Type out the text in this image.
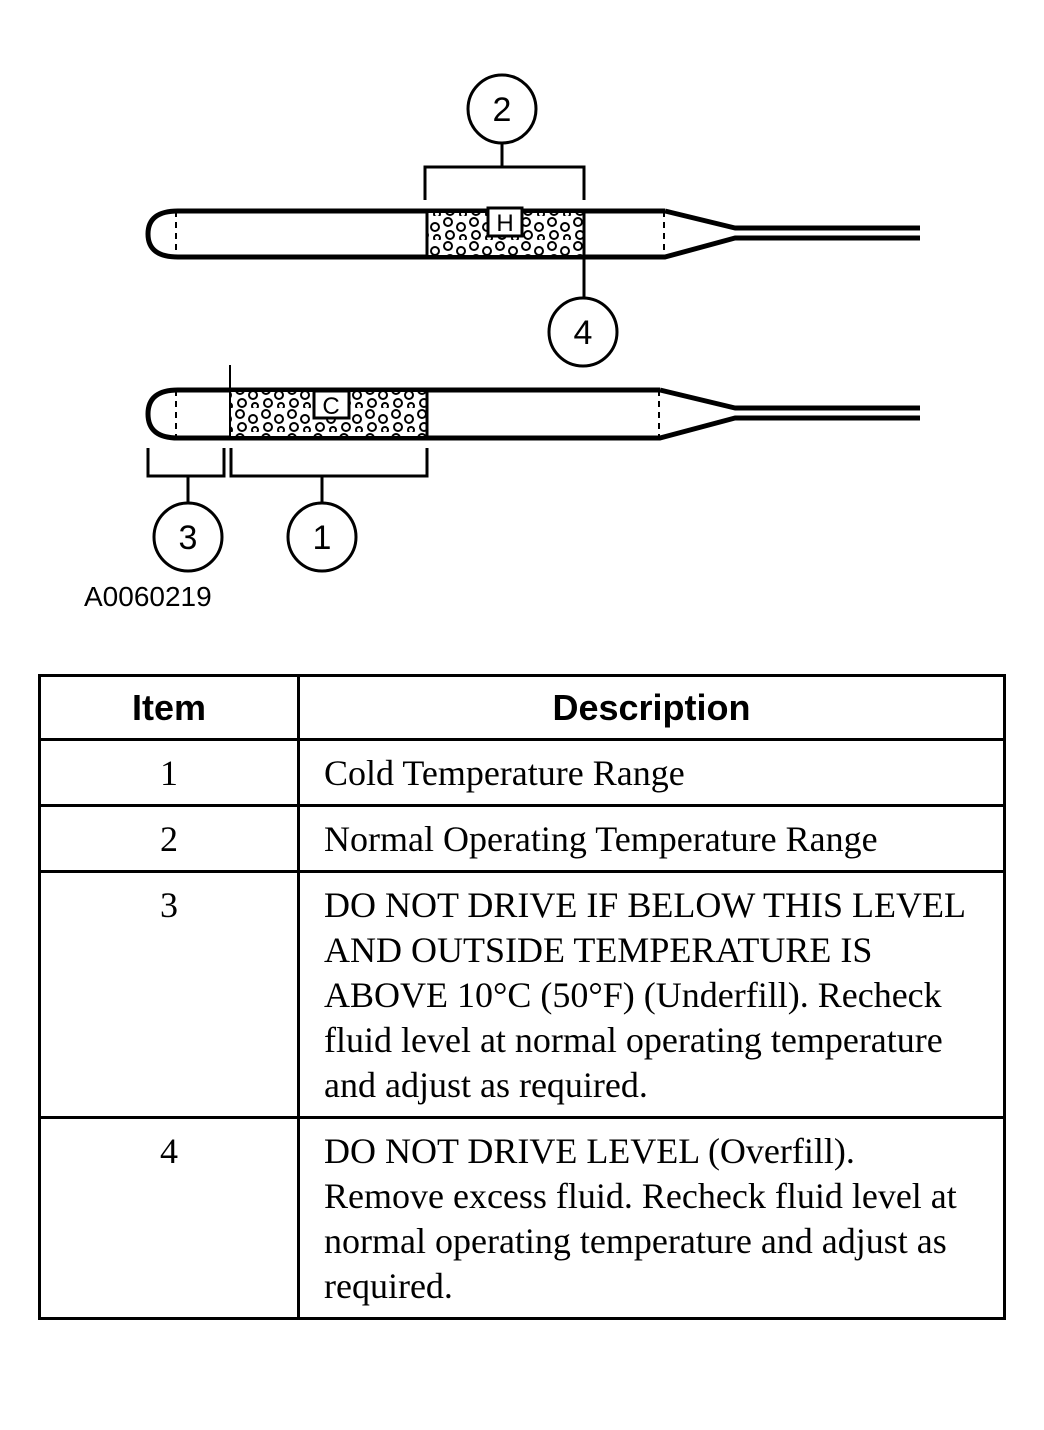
H
2
4
C
3	1
A0060219
Item	Description
1	Cold Temperature Range
2	Normal Operating Temperature Range
3	DO NOT DRIVE IF BELOW THIS LEVEL AND OUTSIDE TEMPERATURE IS ABOVE 10°C (50°F) (Underfill). Recheck fluid level at normal operating temperature and adjust as required.
4	DO NOT DRIVE LEVEL (Overfill). Remove excess fluid. Recheck fluid level at normal operating temperature and adjust as required.
